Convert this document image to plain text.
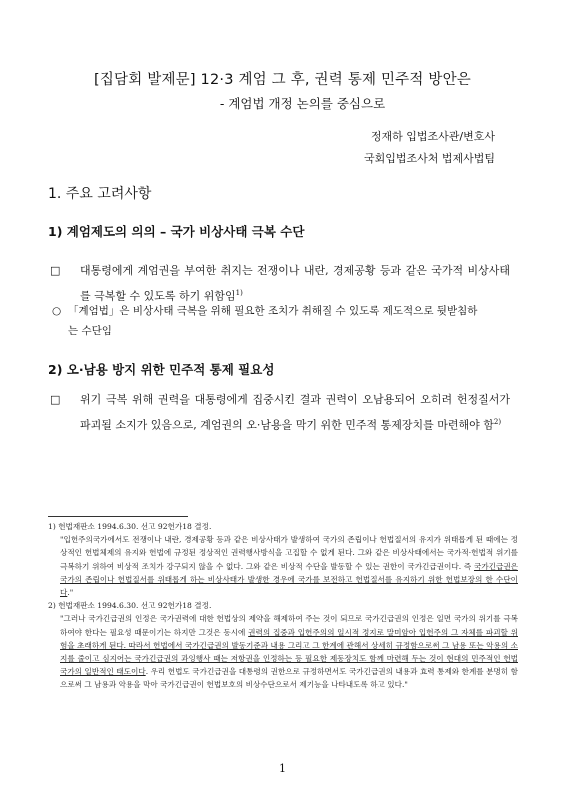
[집담회 발제문] 12·3 계엄 그 후, 권력 통제 민주적 방안은
- 계엄법 개정 논의를 중심으로
정재하 입법조사관/변호사
국회입법조사처 법제사법팀
1. 주요 고려사항
1) 계엄제도의 의의 – 국가 비상사태 극복 수단
□	대통령에게 계엄권을 부여한 취지는 전쟁이나 내란, 경제공황 등과 같은 국가적 비상사태를 극복할 수 있도록 하기 위함임$^{1)}$
○ 「계엄법」은 비상사태 극복을 위해 필요한 조치가 취해질 수 있도록 제도적으로 뒷받침하
는 수단임
2) 오·남용 방지 위한 민주적 통제 필요성
□	위기 극복 위해 권력을 대통령에게 집중시킨 결과 권력이 오남용되어 오히려 헌정질서가 파괴될 소지가 있음으로, 계엄권의 오·남용을 막기 위한 민주적 통제장치를 마련해야 함$^{2)}$
1) 헌법재판소 1994.6.30. 선고 92헌가18 결정.
"입헌주의국가에서도 전쟁이나 내란, 경제공황 등과 같은 비상사태가 발생하여 국가의 존립이나 헌법질서의 유지가 위태롭게 된 때에는 정상적인 헌법체제의 유지와 헌법에 규정된 정상적인 권력행사방식을 고집할 수 없게 된다. 그와 같은 비상사태에서는 국가적·헌법적 위기를 극복하기 위하여 비상적 조치가 강구되지 않을 수 없다. 그와 같은 비상적 수단을 발동할 수 있는 권한이 국가긴급권이다. 즉 국가긴급권은 국가의 존립이나 헌법질서를 위태롭게 하는 비상사태가 발생한 경우에 국가를 보전하고 헌법질서를 유지하기 위한 헌법보장의 한 수단이다."
2) 헌법재판소 1994.6.30. 선고 92헌가18 결정.
"그러나 국가긴급권의 인정은 국가권력에 대한 헌법상의 제약을 해제하여 주는 것이 되므로 국가긴급권의 인정은 일면 국가의 위기를 극복하여야 한다는 필요성 때문이기는 하지만 그것은 동시에 권력의 집중과 입헌주의의 일시적 정지로 말미암아 입헌주의 그 자체를 파괴할 위험을 초래하게 된다. 따라서 헌법에서 국가긴급권의 발동기준과 내용 그리고 그 한계에 관해서 상세히 규정함으로써 그 남용 또는 악용의 소지를 줄이고 심지어는 국가긴급권의 과잉행사 때는 저항권을 인정하는 등 필요한 제동장치도 함께 마련해 두는 것이 현대의 민주적인 헌법국가의 일반적인 태도이다. 우리 헌법도 국가긴급권을 대통령의 권한으로 규정하면서도 국가긴급권의 내용과 효력 통제와 한계를 분명히 함으로써 그 남용과 악용을 막아 국가긴급권이 헌법보호의 비상수단으로서 제기능을 나타내도록 하고 있다."
1
